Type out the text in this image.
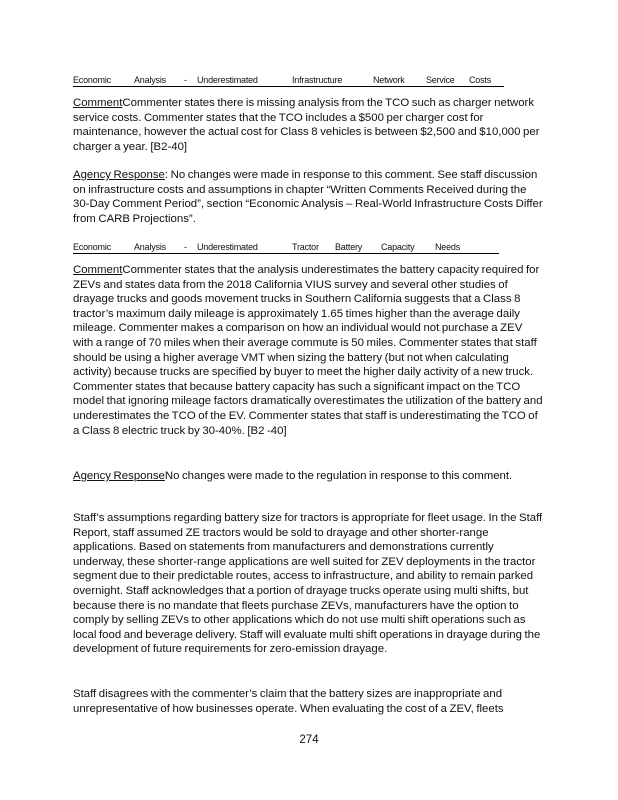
Economic	Analysis - Underestimated	Infrastructure	Network Service Costs

CommentCommenter states there is missing analysis from the TCO such as charger network service costs. Commenter states that the TCO includes a $500 per charger cost for maintenance, however the actual cost for Class 8 vehicles is between $2,500 and $10,000 per charger a year. [B2-40]

Agency Response: No changes were made in response to this comment. See staff discussion on infrastructure costs and assumptions in chapter “Written Comments Received during the 30-Day Comment Period”, section “Economic Analysis – Real-World Infrastructure Costs Differ from CARB Projections”.

Economic	Analysis - Underestimated	Tractor Battery Capacity Needs

CommentCommenter states that the analysis underestimates the battery capacity required for ZEVs and states data from the 2018 California VIUS survey and several other studies of drayage trucks and goods movement trucks in Southern California suggests that a Class 8 tractor’s maximum daily mileage is approximately 1.65 times higher than the average daily mileage. Commenter makes a comparison on how an individual would not purchase a ZEV with a range of 70 miles when their average commute is 50 miles. Commenter states that staff should be using a higher average VMT when sizing the battery (but not when calculating activity) because trucks are specified by buyer to meet the higher daily activity of a new truck. Commenter states that because battery capacity has such a significant impact on the TCO model that ignoring mileage factors dramatically overestimates the utilization of the battery and underestimates the TCO of the EV. Commenter states that staff is underestimating the TCO of a Class 8 electric truck by 30-40%. [B2 -40]

Agency ResponseNo changes were made to the regulation in response to this comment.

Staff’s assumptions regarding battery size for tractors is appropriate for fleet usage. In the Staff Report, staff assumed ZE tractors would be sold to drayage and other shorter-range applications. Based on statements from manufacturers and demonstrations currently underway, these shorter-range applications are well suited for ZEV deployments in the tractor segment due to their predictable routes, access to infrastructure, and ability to remain parked overnight. Staff acknowledges that a portion of drayage trucks operate using multi shifts, but because there is no mandate that fleets purchase ZEVs, manufacturers have the option to comply by selling ZEVs to other applications which do not use multi shift operations such as local food and beverage delivery. Staff will evaluate multi shift operations in drayage during the development of future requirements for zero-emission drayage.

Staff disagrees with the commenter’s claim that the battery sizes are inappropriate and unrepresentative of how businesses operate. When evaluating the cost of a ZEV, fleets

274
